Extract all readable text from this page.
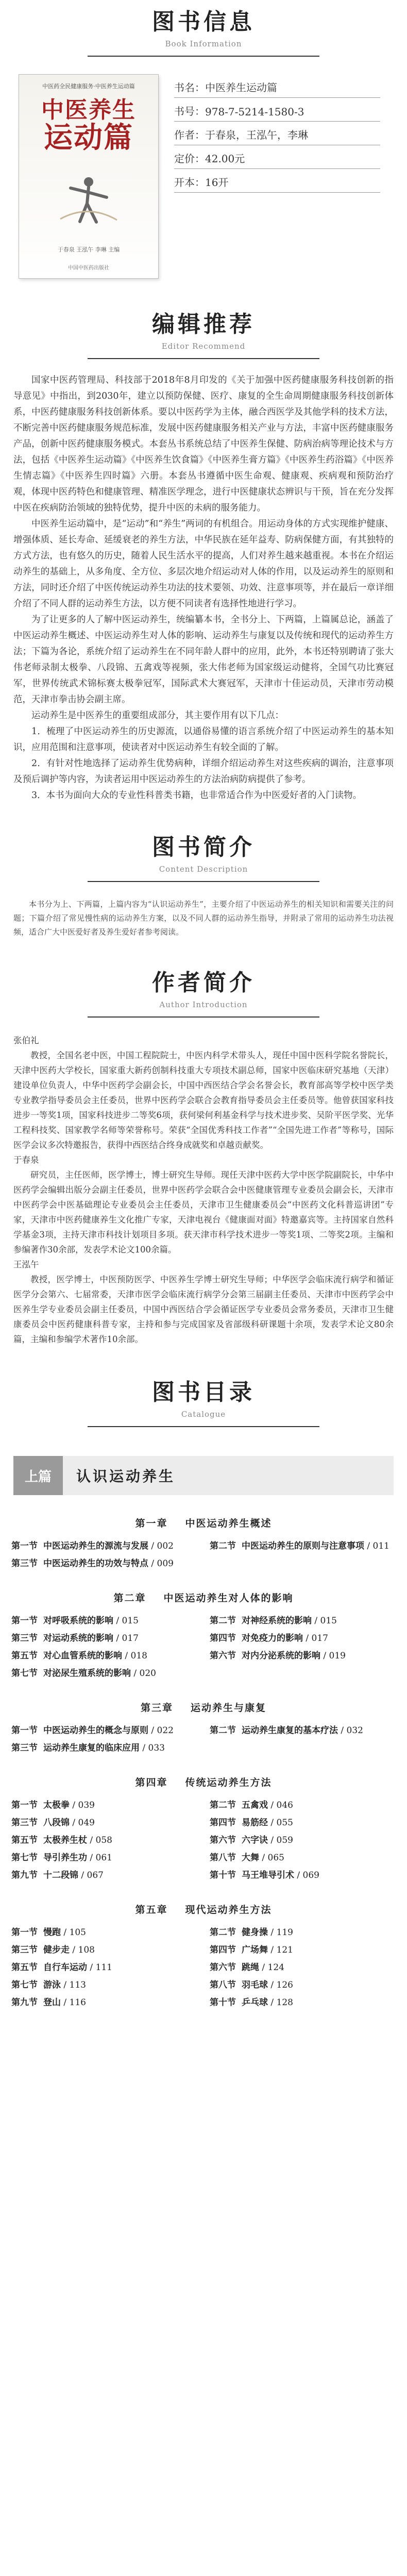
图书信息
Book Information
中医药全民健康服务·中医养生运动篇
中医养生
运动篇
于春泉 王泓午 李琳 主编
中国中医药出版社
书名： 中医养生运动篇
书号： 978-7-5214-1580-3
作者： 于春泉，王泓午，李琳
定价： 42.00元
开本： 16开
编辑推荐
Editor Recommend

国家中医药管理局、科技部于2018年8月印发的《关于加强中医药健康服务科技创新的指导意见》中指出，到2030年，建立以预防保健、医疗、康复的全生命周期健康服务科技创新体系，中医药健康服务科技创新体系。要以中医药学为主体，融合西医学及其他学科的技术方法，不断完善中医药健康服务规范标准，发展中医药健康服务相关产业与方法，丰富中医药健康服务产品，创新中医药健康服务模式。本套丛书系统总结了中医养生保健、防病治病等理论技术与方法，包括《中医养生运动篇》《中医养生饮食篇》《中医养生膏方篇》《中医养生药浴篇》《中医养生情志篇》《中医养生四时篇》六册。本套丛书遵循中医生命观、健康观、疾病观和预防治疗观，体现中医药特色和健康管理、精准医学理念，进行中医健康状态辨识与干预，旨在充分发挥中医在疾病防治领域的独特优势，提升中医的未病的服务能力。

中医养生运动篇中，是“运动”和“养生”两词的有机组合。用运动身体的方式实现维护健康、增强体质、延长寿命、延缓衰老的养生方法，中华民族在延年益寿、防病保健方面，有其独特的方式方法，也有悠久的历史，随着人民生活水平的提高，人们对养生越来越重视。本书在介绍运动养生的基础上，从多角度、全方位、多层次地介绍运动对人体的作用，以及运动养生的原则和方法，同时还介绍了中医传统运动养生功法的技术要领、功效、注意事项等，并在最后一章详细介绍了不同人群的运动养生方法，以方便不同读者有选择性地进行学习。

为了让更多的人了解中医运动养生，统编纂本书，全书分上、下两篇，上篇属总论，涵盖了中医运动养生概述、中医运动养生对人体的影响、运动养生与康复以及传统和现代的运动养生方法；下篇为各论，系统介绍了运动养生在不同年龄人群中的应用，此外，本书还特别聘请了张大伟老师录制太极拳、八段锦、五禽戏等视频，张大伟老师为国家级运动健将，全国气功比赛冠军，世界传统武术锦标赛太极拳冠军，国际武术大赛冠军，天津市十佳运动员，天津市劳动模范，天津市拳击协会副主席。

运动养生是中医养生的重要组成部分，其主要作用有以下几点：

1．梳理了中医运动养生的历史源流，以通俗易懂的语言系统介绍了中医运动养生的基本知识，应用范围和注意事项，使读者对中医运动养生有较全面的了解。

2．有针对性地选择了运动养生优势病种，详细介绍运动养生对这些疾病的调治，注意事项及预后调护等内容，为读者运用中医运动养生的方法治病防病提供了参考。

3．本书为面向大众的专业性科普类书籍，也非常适合作为中医爱好者的入门读物。

图书简介
Content Description
本书分为上、下两篇，上篇内容为“认识运动养生”，主要介绍了中医运动养生的相关知识和需要关注的问题；下篇介绍了常见慢性病的运动养生方案，以及不同人群的运动养生指导，并附录了常用的运动养生功法视频，适合广大中医爱好者及养生爱好者参考阅读。
作者简介
Author Introduction

张伯礼

教授，全国名老中医，中国工程院院士，中医内科学术带头人，现任中国中医科学院名誉院长，天津中医药大学校长，国家重大新药创制科技重大专项技术副总师，国家中医临床研究基地（天津）建设单位负责人，中华中医药学会副会长，中国中西医结合学会名誉会长，教育部高等学校中医学类专业教学指导委员会主任委员，世界中医药学会联合会教育指导委员会主任委员等。他曾获国家科技进步一等奖1项，国家科技进步二等奖6项，获何梁何利基金科学与技术进步奖、吴阶平医学奖、光华工程科技奖、国家教学名师等荣誉称号。荣获“全国优秀科技工作者”“全国先进工作者”等称号，国际医学会议多次特邀报告，获得中西医结合终身成就奖和卓越贡献奖。

于春泉

研究员，主任医师，医学博士，博士研究生导师。现任天津中医药大学中医学院副院长，中华中医药学会编辑出版分会副主任委员，世界中医药学会联合会中医健康管理专业委员会副会长，天津市中医药学会中医基础理论专业委员会主任委员，天津市卫生健康委员会“中医药文化科普巡讲团”专家，天津市中医药健康养生文化推广专家，天津电视台《健康面对面》特邀嘉宾等。主持国家自然科学基金3项，主持天津市科技计划项目多项。获天津市科学技术进步一等奖1项、二等奖2项。主编和参编著作30余部，发表学术论文100余篇。

王泓午

教授，医学博士，中医预防医学、中医养生学博士研究生导师；中华医学会临床流行病学和循证医学分会第六、七届常委，天津市医学会临床流行病学分会第三届副主任委员、天津市中医药学会中医养生学专业委员会副主任委员，中国中西医结合学会循证医学专业委员会常务委员，天津市卫生健康委员会中医药健康科普专家，主持和参与完成国家及省部级科研课题十余项，发表学术论文80余篇，主编和参编学术著作10余部。

图书目录
Catalogue
上篇	认识运动养生
第一章 中医运动养生概述
第一节 中医运动养生的源流与发展 / 002	第二节 中医运动养生的原则与注意事项 / 011
第三节 中医运动养生的功效与特点 / 009
第二章 中医运动养生对人体的影响
第一节 对呼吸系统的影响 / 015	第二节 对神经系统的影响 / 015
第三节 对运动系统的影响 / 017	第四节 对免疫力的影响 / 017
第五节 对心血管系统的影响 / 018	第六节 对内分泌系统的影响 / 019
第七节 对泌尿生殖系统的影响 / 020
第三章 运动养生与康复
第一节 中医运动养生的概念与原则 / 022	第二节 运动养生康复的基本疗法 / 032
第三节 运动养生康复的临床应用 / 033
第四章 传统运动养生方法
第一节 太极拳 / 039	第二节 五禽戏 / 046
第三节 八段锦 / 049	第四节 易筋经 / 055
第五节 太极养生杖 / 058	第六节 六字诀 / 059
第七节 导引养生功 / 061	第八节 大舞 / 065
第九节 十二段锦 / 067	第十节 马王堆导引术 / 069
第五章 现代运动养生方法
第一节 慢跑 / 105	第二节 健身操 / 119
第三节 健步走 / 108	第四节 广场舞 / 121
第五节 自行车运动 / 111	第六节 跳绳 / 124
第七节 游泳 / 113	第八节 羽毛球 / 126
第九节 登山 / 116	第十节 乒乓球 / 128
